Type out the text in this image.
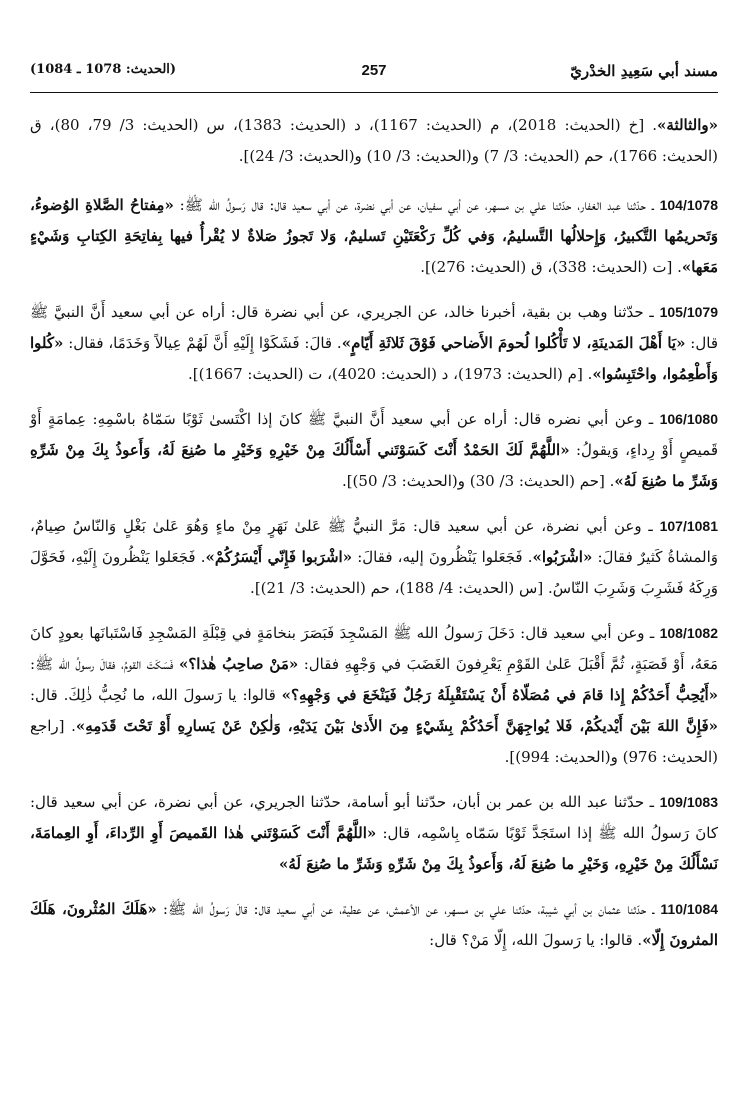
مسند أبي سَعِيدِ الخدْريّ
257
(الحديث: 1078 ـ 1084)

«والثالثة». [خ (الحديث: 2018)، م (الحديث: 1167)، د (الحديث: 1383)، س (الحديث: 3/ 79، 80)، ق (الحديث: 1766)، حم (الحديث: 3/ 7) و(الحديث: 3/ 10) و(الحديث: 3/ 24)].

104/1078 ـ حدّثنا عبد الغفار، حدّثنا علي بن مسهر، عن أبي سفيان، عن أبي نضرة، عن أبي سعيد قال: قال رَسولُ الله ﷺ: «مِفتاحُ الصَّلاةِ الوُضوءُ، وَتَحريمُها التَّكبيرُ، وَإِحلالُها التَّسليمُ، وَفي كُلِّ رَكْعَتَيْنِ تَسليمٌ، وَلا تَجوزُ صَلاةٌ لا يُقْرأُ فيها بِفاتِحَةِ الكِتابِ وَشَيْءٍ مَعَها». [ت (الحديث: 338)، ق (الحديث: 276)].

105/1079 ـ حدّثنا وهب بن بقية، أخبرنا خالد، عن الجريري، عن أبي نضرة قال: أراه عن أبي سعيد أَنَّ النبيَّ ﷺ قال: «يَا أَهْلَ المَدينَةِ، لا تَأْكُلوا لُحومَ الأَضاحي فَوْقَ ثَلاثَةِ أَيّامٍ». قالَ: فَشَكَوْا إِلَيْهِ أَنَّ لَهُمْ عِيالاً وَخَدَمًا، فقال: «كُلوا وَأَطْعِمُوا، واحْتَبِسُوا». [م (الحديث: 1973)، د (الحديث: 4020)، ت (الحديث: 1667)].

106/1080 ـ وعن أبي نضره قال: أراه عن أبي سعيد أَنَّ النبيَّ ﷺ كانَ إذا اكْتَسىٰ ثَوْبًا سَمّاهُ باسْمِهِ: عِمامَةٍ أَوْ قَميصٍ أَوْ رِداءٍ، وَيقولُ: «اللَّهُمَّ لَكَ الحَمْدُ أَنْتَ كَسَوْتَني أَسْأَلُكَ مِنْ خَيْرِهِ وَخَيْرِ ما صُنِعَ لَهُ، وَأَعوذُ بِكَ مِنْ شَرِّهِ وَشَرِّ ما صُنِعَ لَهُ». [حم (الحديث: 3/ 30) و(الحديث: 3/ 50)].

107/1081 ـ وعن أبي نضرة، عن أبي سعيد قال: مَرَّ النبيُّ ﷺ عَلىٰ نَهَرٍ مِنْ ماءٍ وَهُوَ عَلىٰ بَغْلٍ وَالنّاسُ صِيامٌ، وَالمشاةُ كَثيرٌ فقالَ: «اشْرَبُوا». فَجَعَلوا يَنْظُرونَ إليه، فقالَ: «اشْرَبوا فَإِنّي أَيْسَرُكُمْ». فَجَعَلوا يَنْظُرونَ إِلَيْهِ، فَحَوَّلَ وَرِكَهُ فَشَرِبَ وَشَرِبَ النّاسُ. [س (الحديث: 4/ 188)، حم (الحديث: 3/ 21)].

108/1082 ـ وعن أبي سعيد قال: دَخَلَ رَسولُ الله ﷺ المَسْجِدَ فَبَصَرَ بنخامَةٍ في قِبْلَةِ المَسْجِدِ فَاسْتَبانَها بعودٍ كانَ مَعَهُ، أَوْ قَصَبَةٍ، ثُمَّ أَقْبَلَ عَلىٰ القَوْمِ يَعْرِفونَ الغَضَبَ في وَجْهِهِ فقال: «مَنْ صاحِبُ هٰذا؟» فَسَكَتَ القومُ، فقالَ رسولُ الله ﷺ: «أَيُحِبُّ أَحَدُكُمْ إِذا قامَ في مُصَلّاهُ أَنْ يَسْتَقْبِلَهُ رَجُلٌ فَيَنْخَعَ في وَجْهِهِ؟» قالوا: يا رَسولَ الله، ما نُحِبُّ ذٰلِكَ. قال: «فَإِنَّ اللهَ بَيْنَ أَيْديكُمْ، فَلا يُواجِهَنَّ أَحَدُكُمْ بِشَيْءٍ مِنَ الأَذىٰ بَيْنَ يَدَيْهِ، وَلٰكِنْ عَنْ يَسارِهِ أَوْ تَحْتَ قَدَمِهِ». [راجع (الحديث: 976) و(الحديث: 994)].

109/1083 ـ حدّثنا عبد الله بن عمر بن أبان، حدّثنا أبو أسامة، حدّثنا الجريري، عن أبي نضرة، عن أبي سعيد قال: كانَ رَسولُ الله ﷺ إذا استَجَدَّ ثَوْبًا سَمّاه بِاسْمِه، قال: «اللَّهُمَّ أَنْتَ كَسَوْتَني هٰذا القَميصَ أَوِ الرِّداءَ، أَوِ العِمامَةَ، نَسْأَلُكَ مِنْ خَيْرِهِ، وَخَيْرِ ما صُنِعَ لَهُ، وَأَعوذُ بِكَ مِنْ شَرِّهِ وَشَرِّ ما صُنِعَ لَهُ»

110/1084 ـ حدّثنا عثمان بن أبي شيبة، حدّثنا علي بن مسهر، عن الأعمش، عن عطية، عن أبي سعيد قال: قالَ رَسولُ الله ﷺ: «هَلَكَ المُثْرونَ، هَلَكَ المثرونَ إِلّا». قالوا: يا رَسولَ الله، إِلّا مَنْ؟ قال:
